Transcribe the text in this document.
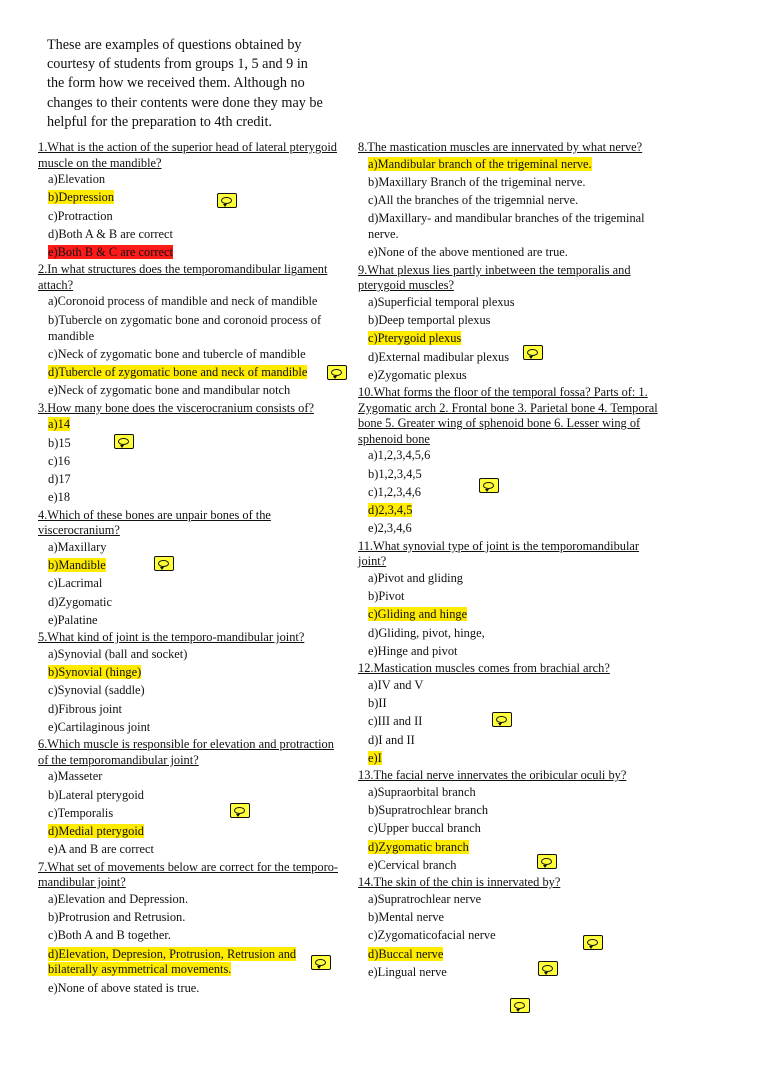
These are examples of questions obtained by courtesy of students from groups 1, 5 and 9 in the form how we received them. Although no changes to their contents were done they may be helpful for the preparation to 4th credit.

1.What is the action of the superior head of lateral pterygoid muscle on the mandible?

a)Elevation

b)Depression

c)Protraction

d)Both A & B are correct

e)Both B & C are correct

2.In what structures does the temporomandibular ligament attach?

a)Coronoid process of mandible and neck of mandible

b)Tubercle on zygomatic bone and coronoid process of mandible

c)Neck of zygomatic bone and tubercle of mandible

d)Tubercle of zygomatic bone and neck of mandible

e)Neck of zygomatic bone and mandibular notch

3.How many bone does the viscerocranium consists of?

a)14

b)15

c)16

d)17

e)18

4.Which of these bones are unpair bones of the viscerocranium?

a)Maxillary

b)Mandible

c)Lacrimal

d)Zygomatic

e)Palatine

5.What kind of joint is the temporo-mandibular joint?

a)Synovial (ball and socket)

b)Synovial (hinge)

c)Synovial (saddle)

d)Fibrous joint

e)Cartilaginous joint

6.Which muscle is responsible for elevation and protraction of the temporomandibular joint?

a)Masseter

b)Lateral pterygoid

c)Temporalis

d)Medial pterygoid

e)A and B are correct

7.What set of movements below are correct for the temporo-mandibular joint?

a)Elevation and Depression.

b)Protrusion and Retrusion.

c)Both A and B together.

d)Elevation, Depresion, Protrusion, Retrusion and bilaterally asymmetrical movements.

e)None of above stated is true.

8.The mastication muscles are innervated by what nerve?

a)Mandibular branch of the trigeminal nerve.

b)Maxillary Branch of the trigeminal nerve.

c)All the branches of the trigemnial nerve.

d)Maxillary- and mandibular branches of the trigeminal nerve.

e)None of the above mentioned are true.

9.What plexus lies partly inbetween the temporalis and pterygoid muscles?

a)Superficial temporal plexus

b)Deep temportal plexus

c)Pterygoid plexus

d)External madibular plexus

e)Zygomatic plexus

10.What forms the floor of the temporal fossa? Parts of: 1. Zygomatic arch 2. Frontal bone 3. Parietal bone 4. Temporal bone 5. Greater wing of sphenoid bone 6. Lesser wing of sphenoid bone

a)1,2,3,4,5,6

b)1,2,3,4,5

c)1,2,3,4,6

d)2,3,4,5

e)2,3,4,6

11.What synovial type of joint is the temporomandibular joint?

a)Pivot and gliding

b)Pivot

c)Gliding and hinge

d)Gliding, pivot, hinge,

e)Hinge and pivot

12.Mastication muscles comes from brachial arch?

a)IV and V

b)II

c)III and II

d)I and II

e)I

13.The facial nerve innervates the oribicular oculi by?

a)Supraorbital branch

b)Supratrochlear branch

c)Upper buccal branch

d)Zygomatic branch

e)Cervical branch

14.The skin of the chin is innervated by?

a)Supratrochlear nerve

b)Mental nerve

c)Zygomaticofacial nerve

d)Buccal nerve

e)Lingual nerve
